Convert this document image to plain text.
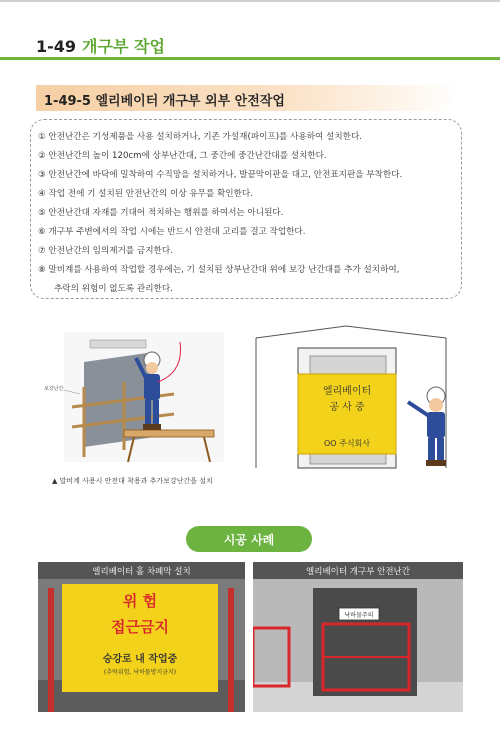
1-49 개구부 작업
1-49-5 엘리베이터 개구부 외부 안전작업
① 안전난간은 기성제품을 사용 설치하거나, 기존 가설재(파이프)를 사용하여 설치한다.
② 안전난간의 높이 120cm에 상부난간대, 그 중간에 중간난간대를 설치한다.
③ 안전난간에 바닥에 밀착하여 수직망을 설치하거나, 발끝막이판을 대고, 안전표지판을 부착한다.
④ 작업 전에 기 설치된 안전난간의 이상 유무를 확인한다.
⑤ 안전난간대 자재를 기대어 적치하는 행위를 하여서는 아니된다.
⑥ 개구부 주변에서의 작업 시에는 반드시 안전대 고리를 걸고 작업한다.
⑦ 안전난간의 임의제거를 금지한다.
⑧ 말비계를 사용하여 작업할 경우에는, 기 설치된 상부난간대 위에 보강 난간대를 추가 설치하여,
추락의 위험이 없도록 관리한다.
보강난간	엘리베이터
공 사 중
OO 주식회사
▲ 말비계 사용시 안전대 착용과 추가보강난간을 설치
시공 사례
위 험
접근금지
승강로 내 작업중
(추락위험, 낙하물방지금지)
엘리베이터 홀 차폐막 설치
낙하물주의
엘리베이터 개구부 안전난간
